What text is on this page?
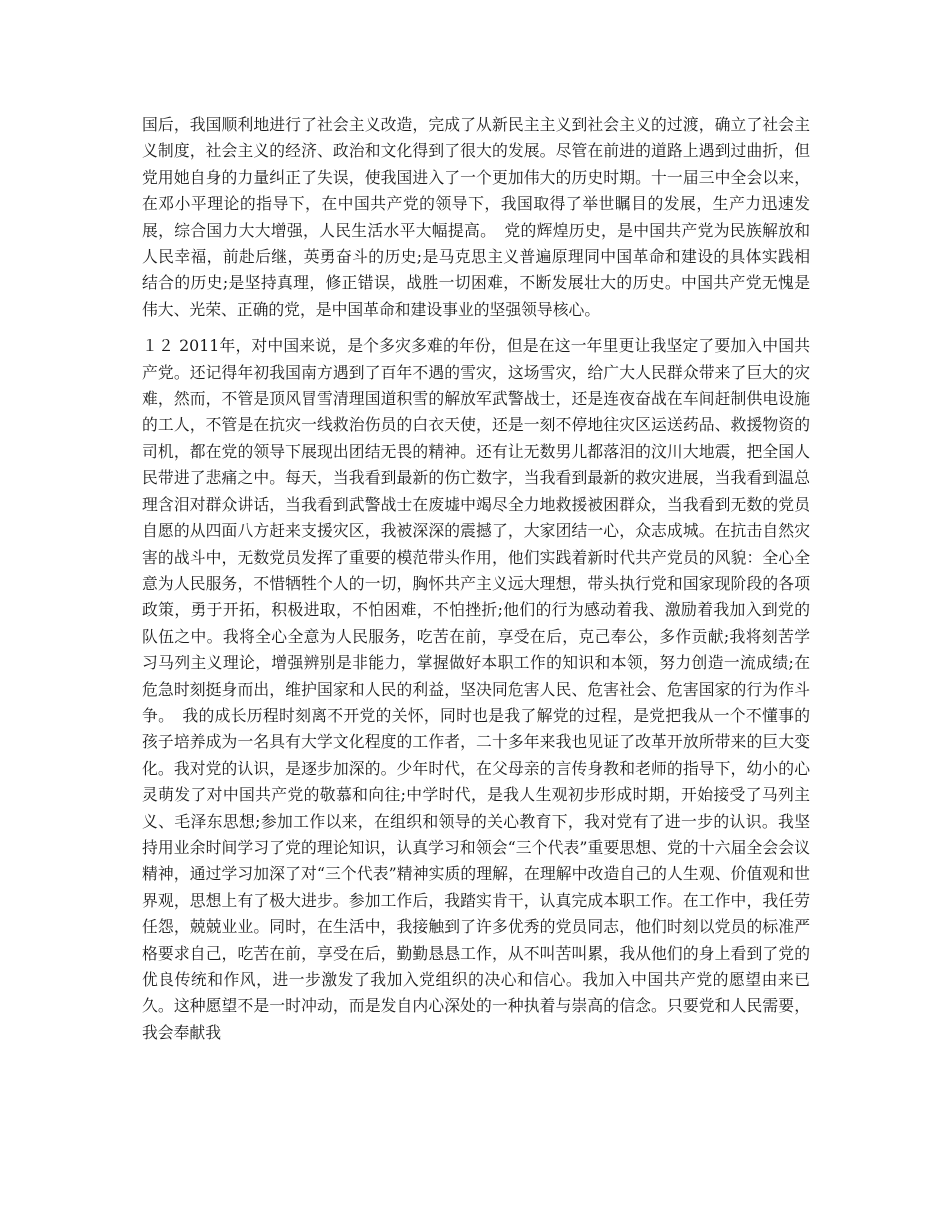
国后，我国顺利地进行了社会主义改造，完成了从新民主主义到社会主义的过渡，确立了社会主义制度，社会主义的经济、政治和文化得到了很大的发展。尽管在前进的道路上遇到过曲折，但党用她自身的力量纠正了失误，使我国进入了一个更加伟大的历史时期。十一届三中全会以来，在邓小平理论的指导下，在中国共产党的领导下，我国取得了举世瞩目的发展，生产力迅速发展，综合国力大大增强，人民生活水平大幅提高。　党的辉煌历史，是中国共产党为民族解放和人民幸福，前赴后继，英勇奋斗的历史;是马克思主义普遍原理同中国革命和建设的具体实践相结合的历史;是坚持真理，修正错误，战胜一切困难，不断发展壮大的历史。中国共产党无愧是伟大、光荣、正确的党，是中国革命和建设事业的坚强领导核心。

１２ 2011年，对中国来说，是个多灾多难的年份，但是在这一年里更让我坚定了要加入中国共产党。还记得年初我国南方遇到了百年不遇的雪灾，这场雪灾，给广大人民群众带来了巨大的灾难，然而，不管是顶风冒雪清理国道积雪的解放军武警战士，还是连夜奋战在车间赶制供电设施的工人，不管是在抗灾一线救治伤员的白衣天使，还是一刻不停地往灾区运送药品、救援物资的司机，都在党的领导下展现出团结无畏的精神。还有让无数男儿都落泪的汶川大地震，把全国人民带进了悲痛之中。每天，当我看到最新的伤亡数字，当我看到最新的救灾进展，当我看到温总理含泪对群众讲话，当我看到武警战士在废墟中竭尽全力地救援被困群众，当我看到无数的党员自愿的从四面八方赶来支援灾区，我被深深的震撼了，大家团结一心，众志成城。在抗击自然灾害的战斗中，无数党员发挥了重要的模范带头作用，他们实践着新时代共产党员的风貌：全心全意为人民服务，不惜牺牲个人的一切，胸怀共产主义远大理想，带头执行党和国家现阶段的各项政策，勇于开拓，积极进取，不怕困难，不怕挫折;他们的行为感动着我、激励着我加入到党的队伍之中。我将全心全意为人民服务，吃苦在前，享受在后，克己奉公，多作贡献;我将刻苦学习马列主义理论，增强辨别是非能力，掌握做好本职工作的知识和本领，努力创造一流成绩;在危急时刻挺身而出，维护国家和人民的利益，坚决同危害人民、危害社会、危害国家的行为作斗争。　我的成长历程时刻离不开党的关怀，同时也是我了解党的过程，是党把我从一个不懂事的孩子培养成为一名具有大学文化程度的工作者，二十多年来我也见证了改革开放所带来的巨大变化。我对党的认识，是逐步加深的。少年时代，在父母亲的言传身教和老师的指导下，幼小的心灵萌发了对中国共产党的敬慕和向往;中学时代，是我人生观初步形成时期，开始接受了马列主义、毛泽东思想;参加工作以来，在组织和领导的关心教育下，我对党有了进一步的认识。我坚持用业余时间学习了党的理论知识，认真学习和领会“三个代表”重要思想、党的十六届全会会议精神，通过学习加深了对“三个代表”精神实质的理解，在理解中改造自己的人生观、价值观和世界观，思想上有了极大进步。参加工作后，我踏实肯干，认真完成本职工作。在工作中，我任劳任怨，兢兢业业。同时，在生活中，我接触到了许多优秀的党员同志，他们时刻以党员的标准严格要求自己，吃苦在前，享受在后，勤勤恳恳工作，从不叫苦叫累，我从他们的身上看到了党的优良传统和作风，进一步激发了我加入党组织的决心和信心。我加入中国共产党的愿望由来已久。这种愿望不是一时冲动，而是发自内心深处的一种执着与崇高的信念。只要党和人民需要，我会奉献我
